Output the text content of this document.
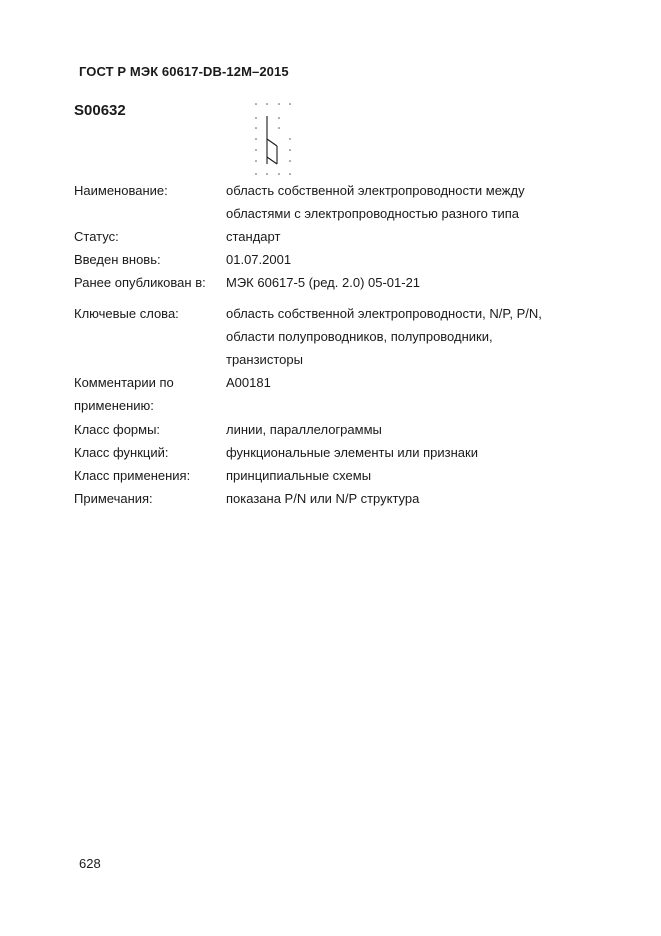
ГОСТ Р МЭК 60617-DB-12M–2015
S00632
Наименование:	область собственной электропроводности между
областями с электропроводностью разного типа
Статус:	стандарт
Введен вновь:	01.07.2001
Ранее опубликован в:	МЭК 60617-5 (ред. 2.0) 05-01-21
Ключевые слова:	область собственной электропроводности, N/P, P/N,
области полупроводников, полупроводники,
транзисторы
Комментарии по
применению:
A00181
Класс формы:	линии, параллелограммы
Класс функций:	функциональные элементы или признаки
Класс применения:	принципиальные схемы
Примечания:	показана P/N или N/P структура
628
